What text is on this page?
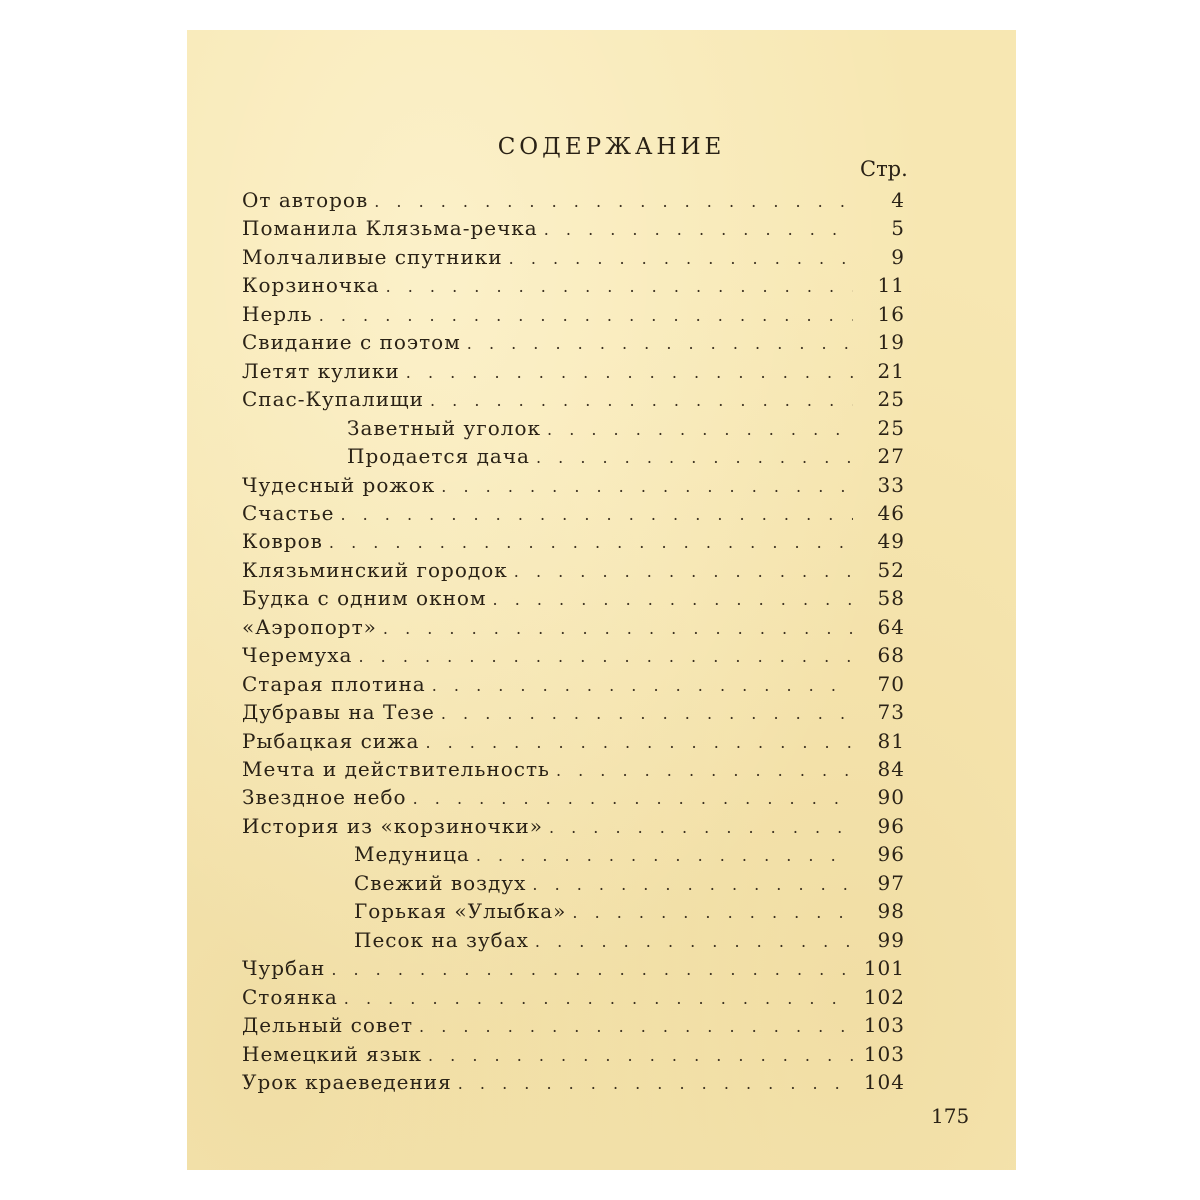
СОДЕРЖАНИЕ
Стр.
От авторов . . .	4
Поманила Клязьма-речка . . .	5
Молчаливые спутники . . .	9
Корзиночка . . .	11
Нерль . . .	16
Свидание с поэтом . . .	19
Летят кулики . . .	21
Спас-Купалищи . . .	25
Заветный уголок . . .	25
Продается дача . . .	27
Чудесный рожок . . .	33
Счастье . . .	46
Ковров . . .	49
Клязьминский городок . . .	52
Будка с одним окном . . .	58
«Аэропорт» . . .	64
Черемуха . . .	68
Старая плотина . . .	70
Дубравы на Тезе . . .	73
Рыбацкая сижа . . .	81
Мечта и действительность . . .	84
Звездное небо . . .	90
История из «корзиночки» . . .	96
Медуница . . .	96
Свежий воздух . . .	97
Горькая «Улыбка» . . .	98
Песок на зубах . . .	99
Чурбан . . .	101
Стоянка . . .	102
Дельный совет . . .	103
Немецкий язык . . .	103
Урок краеведения . . .	104
175
